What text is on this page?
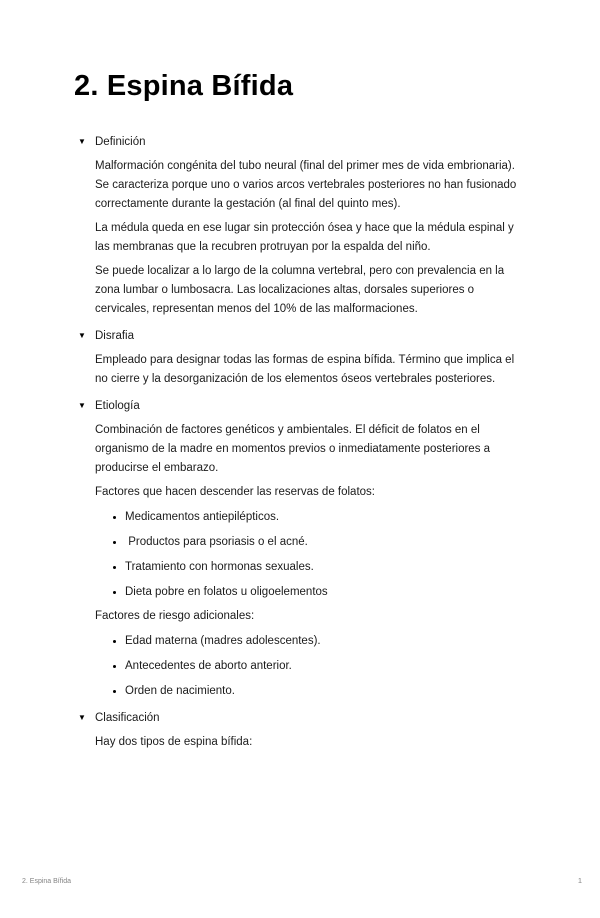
2. Espina Bífida
▼ Definición

Malformación congénita del tubo neural (final del primer mes de vida embrionaria). Se caracteriza porque uno o varios arcos vertebrales posteriores no han fusionado correctamente durante la gestación (al final del quinto mes).

La médula queda en ese lugar sin protección ósea y hace que la médula espinal y las membranas que la recubren protruyan por la espalda del niño.

Se puede localizar a lo largo de la columna vertebral, pero con prevalencia en la zona lumbar o lumbosacra. Las localizaciones altas, dorsales superiores o cervicales, representan menos del 10% de las malformaciones.

▼ Disrafia

Empleado para designar todas las formas de espina bífida. Término que implica el no cierre y la desorganización de los elementos óseos vertebrales posteriores.

▼ Etiología

Combinación de factores genéticos y ambientales. El déficit de folatos en el organismo de la madre en momentos previos o inmediatamente posteriores a producirse el embarazo.

Factores que hacen descender las reservas de folatos:

Medicamentos antiepilépticos.
Productos para psoriasis o el acné.
Tratamiento con hormonas sexuales.
Dieta pobre en folatos u oligoelementos

Factores de riesgo adicionales:

Edad materna (madres adolescentes).
Antecedentes de aborto anterior.
Orden de nacimiento.
▼ Clasificación

Hay dos tipos de espina bífida:

2. Espina Bífida	1
